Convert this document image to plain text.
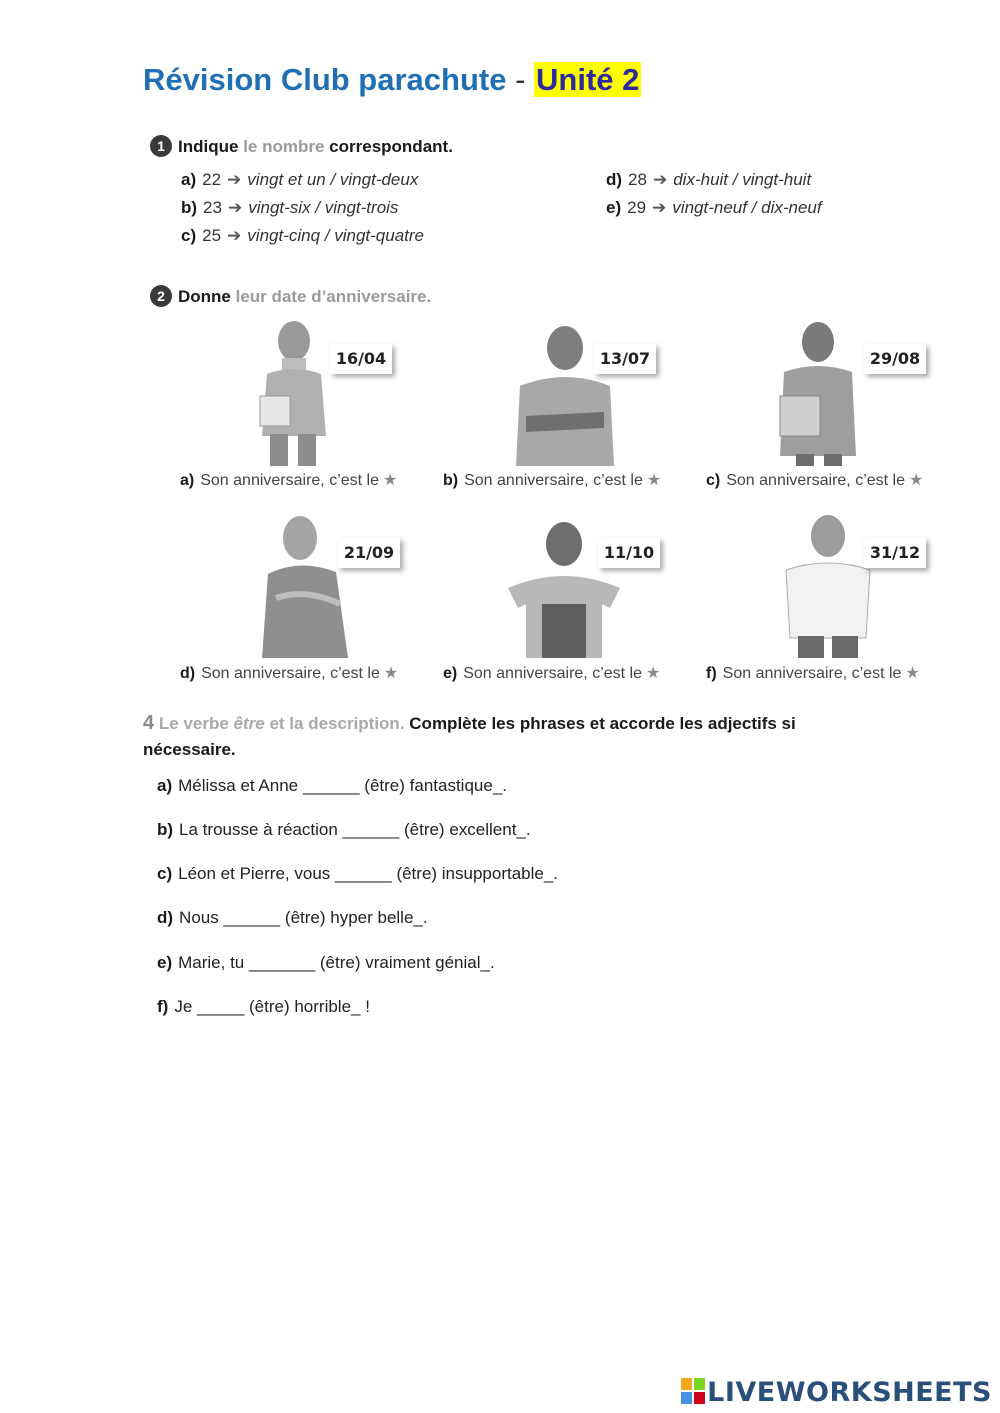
Révision Club parachute - Unité 2
1 Indique le nombre correspondant.
a) 22 ➔ vingt et un / vingt-deux
b) 23 ➔ vingt-six / vingt-trois
c) 25 ➔ vingt-cinq / vingt-quatre
d) 28 ➔ dix-huit / vingt-huit
e) 29 ➔ vingt-neuf / dix-neuf
2 Donne leur date d’anniversaire.
16/04	13/07	29/08
a) Son anniversaire, c’est le ★	b) Son anniversaire, c’est le ★	c) Son anniversaire, c’est le ★
21/09	11/10	31/12
d) Son anniversaire, c’est le ★	e) Son anniversaire, c’est le ★	f) Son anniversaire, c’est le ★
4 Le verbe être et la description. Complète les phrases et accorde les adjectifs si nécessaire.
a) Mélissa et Anne ______ (être) fantastique_.
b) La trousse à réaction ______ (être) excellent_.
c) Léon et Pierre, vous ______ (être) insupportable_.
d) Nous ______ (être) hyper belle_.
e) Marie, tu _______ (être) vraiment génial_.
f) Je _____ (être) horrible_ !
LIVEWORKSHEETS
